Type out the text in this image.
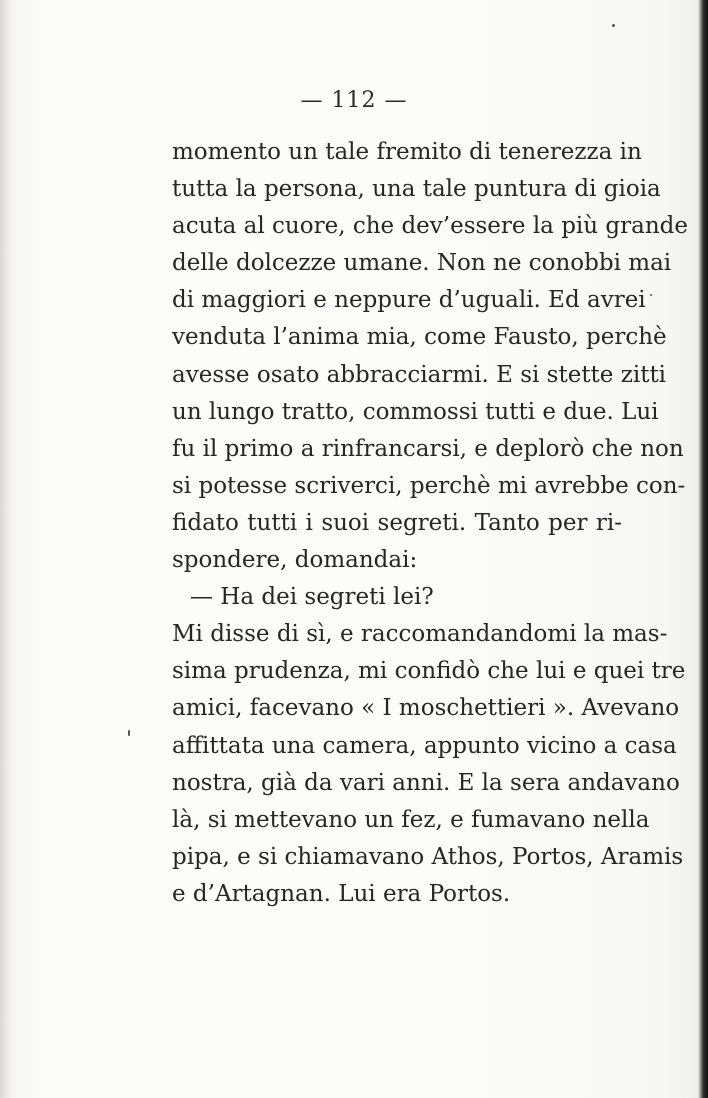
— 112 —
momento un tale fremito di tenerezza in
tutta la persona, una tale puntura di gioia
acuta al cuore, che dev’essere la più grande
delle dolcezze umane. Non ne conobbi mai
di maggiori e neppure d’uguali. Ed avrei
venduta l’anima mia, come Fausto, perchè
avesse osato abbracciarmi. E si stette zitti
un lungo tratto, commossi tutti e due. Lui
fu il primo a rinfrancarsi, e deplorò che non
si potesse scriverci, perchè mi avrebbe con-
fidato tutti i suoi segreti. Tanto per ri-
spondere, domandai:
— Ha dei segreti lei?
Mi disse di sì, e raccomandandomi la mas-
sima prudenza, mi confidò che lui e quei tre
amici, facevano « I moschettieri ». Avevano
affittata una camera, appunto vicino a casa
nostra, già da vari anni. E la sera andavano
là, si mettevano un fez, e fumavano nella
pipa, e si chiamavano Athos, Portos, Aramis
e d’Artagnan. Lui era Portos.
